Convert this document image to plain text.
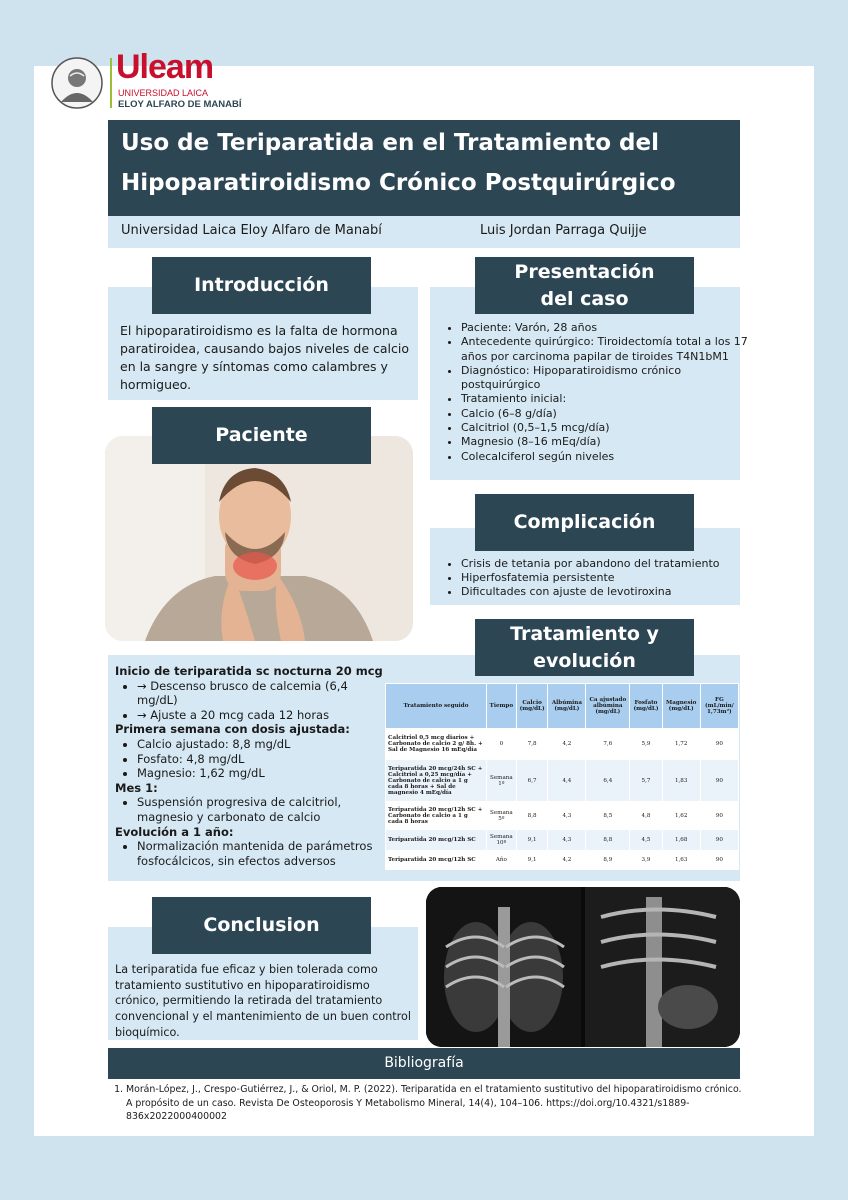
Uleam
UNIVERSIDAD LAICA
ELOY ALFARO DE MANABÍ
Uso de Teriparatida en el Tratamiento del
Hipoparatiroidismo Crónico Postquirúrgico
Universidad Laica Eloy Alfaro de Manabí	Luis Jordan Parraga Quijje
Introducción
El hipoparatiroidismo es la falta de hormona paratiroidea, causando bajos niveles de calcio en la sangre y síntomas como calambres y hormigueo.
Paciente
Presentación
del caso
• Paciente: Varón, 28 años
• Antecedente quirúrgico: Tiroidectomía total a los 17 años por carcinoma papilar de tiroides T4N1bM1
• Diagnóstico: Hipoparatiroidismo crónico postquirúrgico
• Tratamiento inicial:
• Calcio (6–8 g/día)
• Calcitriol (0,5–1,5 mcg/día)
• Magnesio (8–16 mEq/día)
• Colecalciferol según niveles
Complicación
• Crisis de tetania por abandono del tratamiento
• Hiperfosfatemia persistente
• Dificultades con ajuste de levotiroxina
Tratamiento y
evolución
Inicio de teriparatida sc nocturna 20 mcg
• → Descenso brusco de calcemia (6,4 mg/dL)
• → Ajuste a 20 mcg cada 12 horas
Primera semana con dosis ajustada:
• Calcio ajustado: 8,8 mg/dL
• Fosfato: 4,8 mg/dL
• Magnesio: 1,62 mg/dL
Mes 1:
• Suspensión progresiva de calcitriol, magnesio y carbonato de calcio
Evolución a 1 año:
• Normalización mantenida de parámetros fosfocálcicos, sin efectos adversos
Tratamiento seguido	Tiempo	Calcio (mg/dL)	Albúmina (mg/dL)	Ca ajustado albúmina (mg/dL)	Fosfato (mg/dL)	Magnesio (mg/dL)	FG (mL/min/ 1,73m²)
Calcitriol 0,5 mcg diarios + Carbonato de calcio 2 g/ 8h. + Sal de Magnesio 16 mEq/día	0	7,8	4,2	7,6	5,9	1,72	90
Teriparatida 20 mcg/24h SC + Calcitriol a 0,25 mcg/día + Carbonato de calcio a 1 g cada 8 horas + Sal de magnesio 4 mEq/día	Semana 1º	6,7	4,4	6,4	5,7	1,83	90
Teriparatida 20 mcg/12h SC + Carbonato de calcio a 1 g cada 8 horas	Semana 5º	8,8	4,3	8,5	4,8	1,62	90
Teriparatida 20 mcg/12h SC	Semana 10º	9,1	4,3	8,8	4,5	1,68	90
Teriparatida 20 mcg/12h SC	Año	9,1	4,2	8,9	3,9	1,63	90
Conclusion
La teriparatida fue eficaz y bien tolerada como tratamiento sustitutivo en hipoparatiroidismo crónico, permitiendo la retirada del tratamiento convencional y el mantenimiento de un buen control bioquímico.
Bibliografía
1. Morán-López, J., Crespo-Gutiérrez, J., & Oriol, M. P. (2022). Teriparatida en el tratamiento sustitutivo del hipoparatiroidismo crónico. A propósito de un caso. Revista De Osteoporosis Y Metabolismo Mineral, 14(4), 104–106. https://doi.org/10.4321/s1889-836x2022000400002
